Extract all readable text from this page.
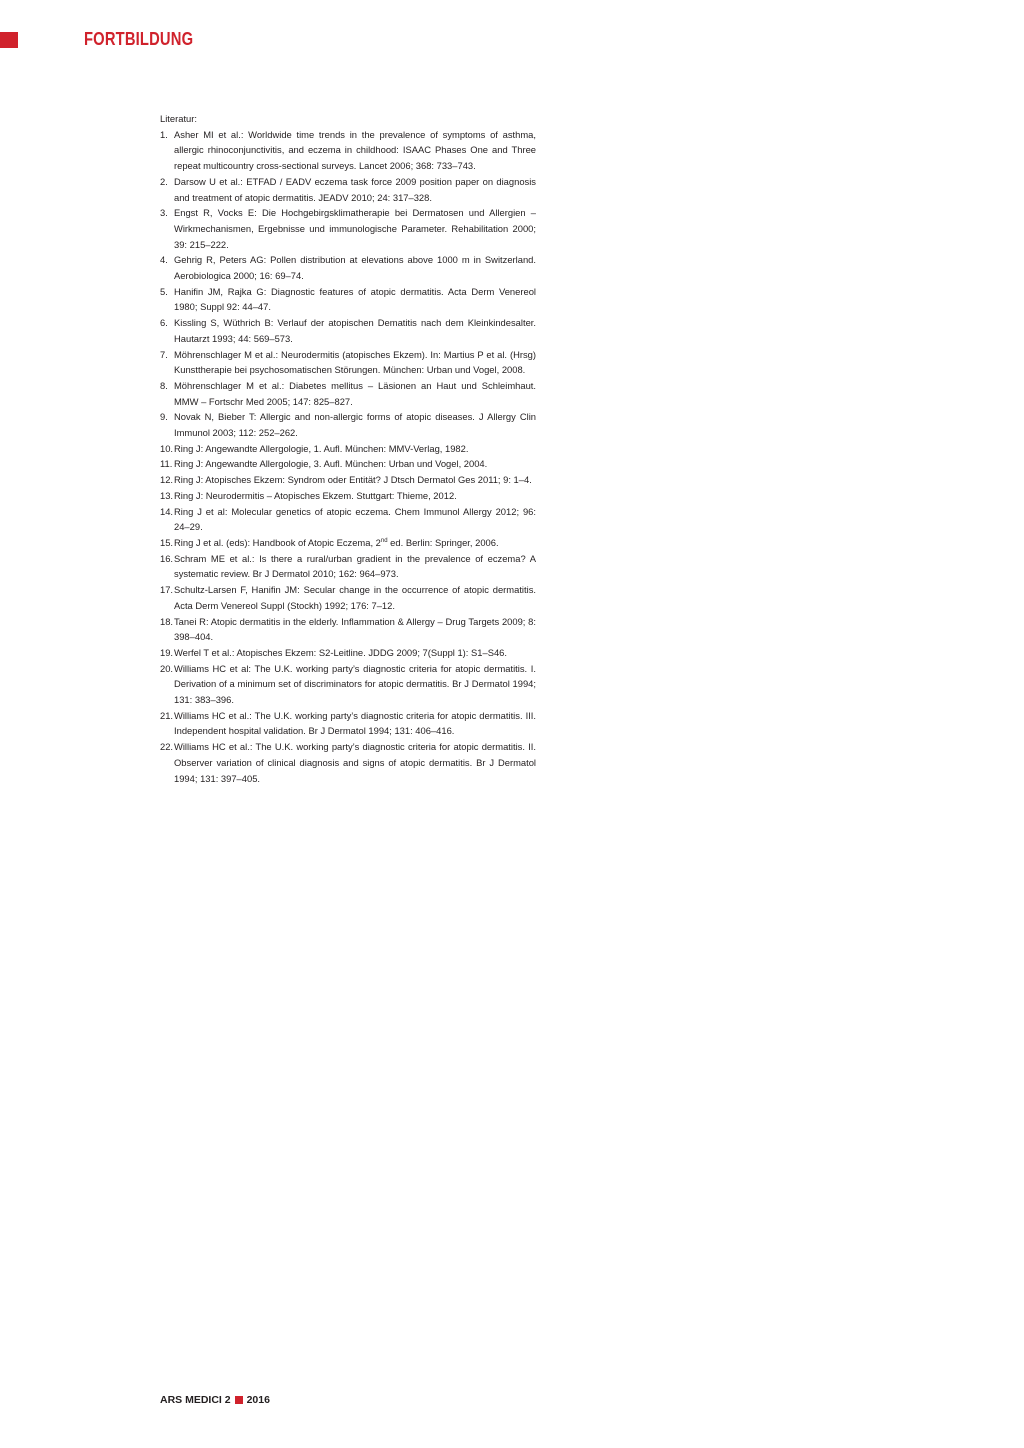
FORTBILDUNG

Literatur:

1. Asher MI et al.: Worldwide time trends in the prevalence of symptoms of asthma, allergic rhinoconjunctivitis, and eczema in childhood: ISAAC Phases One and Three repeat multicountry cross-sectional surveys. Lancet 2006; 368: 733–743.
2. Darsow U et al.: ETFAD / EADV eczema task force 2009 position paper on diagnosis and treatment of atopic dermatitis. JEADV 2010; 24: 317–328.
3. Engst R, Vocks E: Die Hochgebirgsklimatherapie bei Dermatosen und Allergien – Wirkmechanismen, Ergebnisse und immunologische Parameter. Rehabilitation 2000; 39: 215–222.
4. Gehrig R, Peters AG: Pollen distribution at elevations above 1000 m in Switzerland. Aerobiologica 2000; 16: 69–74.
5. Hanifin JM, Rajka G: Diagnostic features of atopic dermatitis. Acta Derm Venereol 1980; Suppl 92: 44–47.
6. Kissling S, Wüthrich B: Verlauf der atopischen Dematitis nach dem Kleinkindesalter. Hautarzt 1993; 44: 569–573.
7. Möhrenschlager M et al.: Neurodermitis (atopisches Ekzem). In: Martius P et al. (Hrsg) Kunsttherapie bei psychosomatischen Störungen. München: Urban und Vogel, 2008.
8. Möhrenschlager M et al.: Diabetes mellitus – Läsionen an Haut und Schleimhaut. MMW – Fortschr Med 2005; 147: 825–827.
9. Novak N, Bieber T: Allergic and non-allergic forms of atopic diseases. J Allergy Clin Immunol 2003; 112: 252–262.
10. Ring J: Angewandte Allergologie, 1. Aufl. München: MMV-Verlag, 1982.
11. Ring J: Angewandte Allergologie, 3. Aufl. München: Urban und Vogel, 2004.
12. Ring J: Atopisches Ekzem: Syndrom oder Entität? J Dtsch Dermatol Ges 2011; 9: 1–4.
13. Ring J: Neurodermitis – Atopisches Ekzem. Stuttgart: Thieme, 2012.
14. Ring J et al: Molecular genetics of atopic eczema. Chem Immunol Allergy 2012; 96: 24–29.
15. Ring J et al. (eds): Handbook of Atopic Eczema, 2nd ed. Berlin: Springer, 2006.
16. Schram ME et al.: Is there a rural/urban gradient in the prevalence of eczema? A systematic review. Br J Dermatol 2010; 162: 964–973.
17. Schultz-Larsen F, Hanifin JM: Secular change in the occurrence of atopic dermatitis. Acta Derm Venereol Suppl (Stockh) 1992; 176: 7–12.
18. Tanei R: Atopic dermatitis in the elderly. Inflammation & Allergy – Drug Targets 2009; 8: 398–404.
19. Werfel T et al.: Atopisches Ekzem: S2-Leitline. JDDG 2009; 7(Suppl 1): S1–S46.
20. Williams HC et al: The U.K. working party’s diagnostic criteria for atopic dermatitis. I. Derivation of a minimum set of discriminators for atopic dermatitis. Br J Dermatol 1994; 131: 383–396.
21. Williams HC et al.: The U.K. working party’s diagnostic criteria for atopic dermatitis. III. Independent hospital validation. Br J Dermatol 1994; 131: 406–416.
22. Williams HC et al.: The U.K. working party’s diagnostic criteria for atopic dermatitis. II. Observer variation of clinical diagnosis and signs of atopic dermatitis. Br J Dermatol 1994; 131: 397–405.
ARS MEDICI 2 2016
